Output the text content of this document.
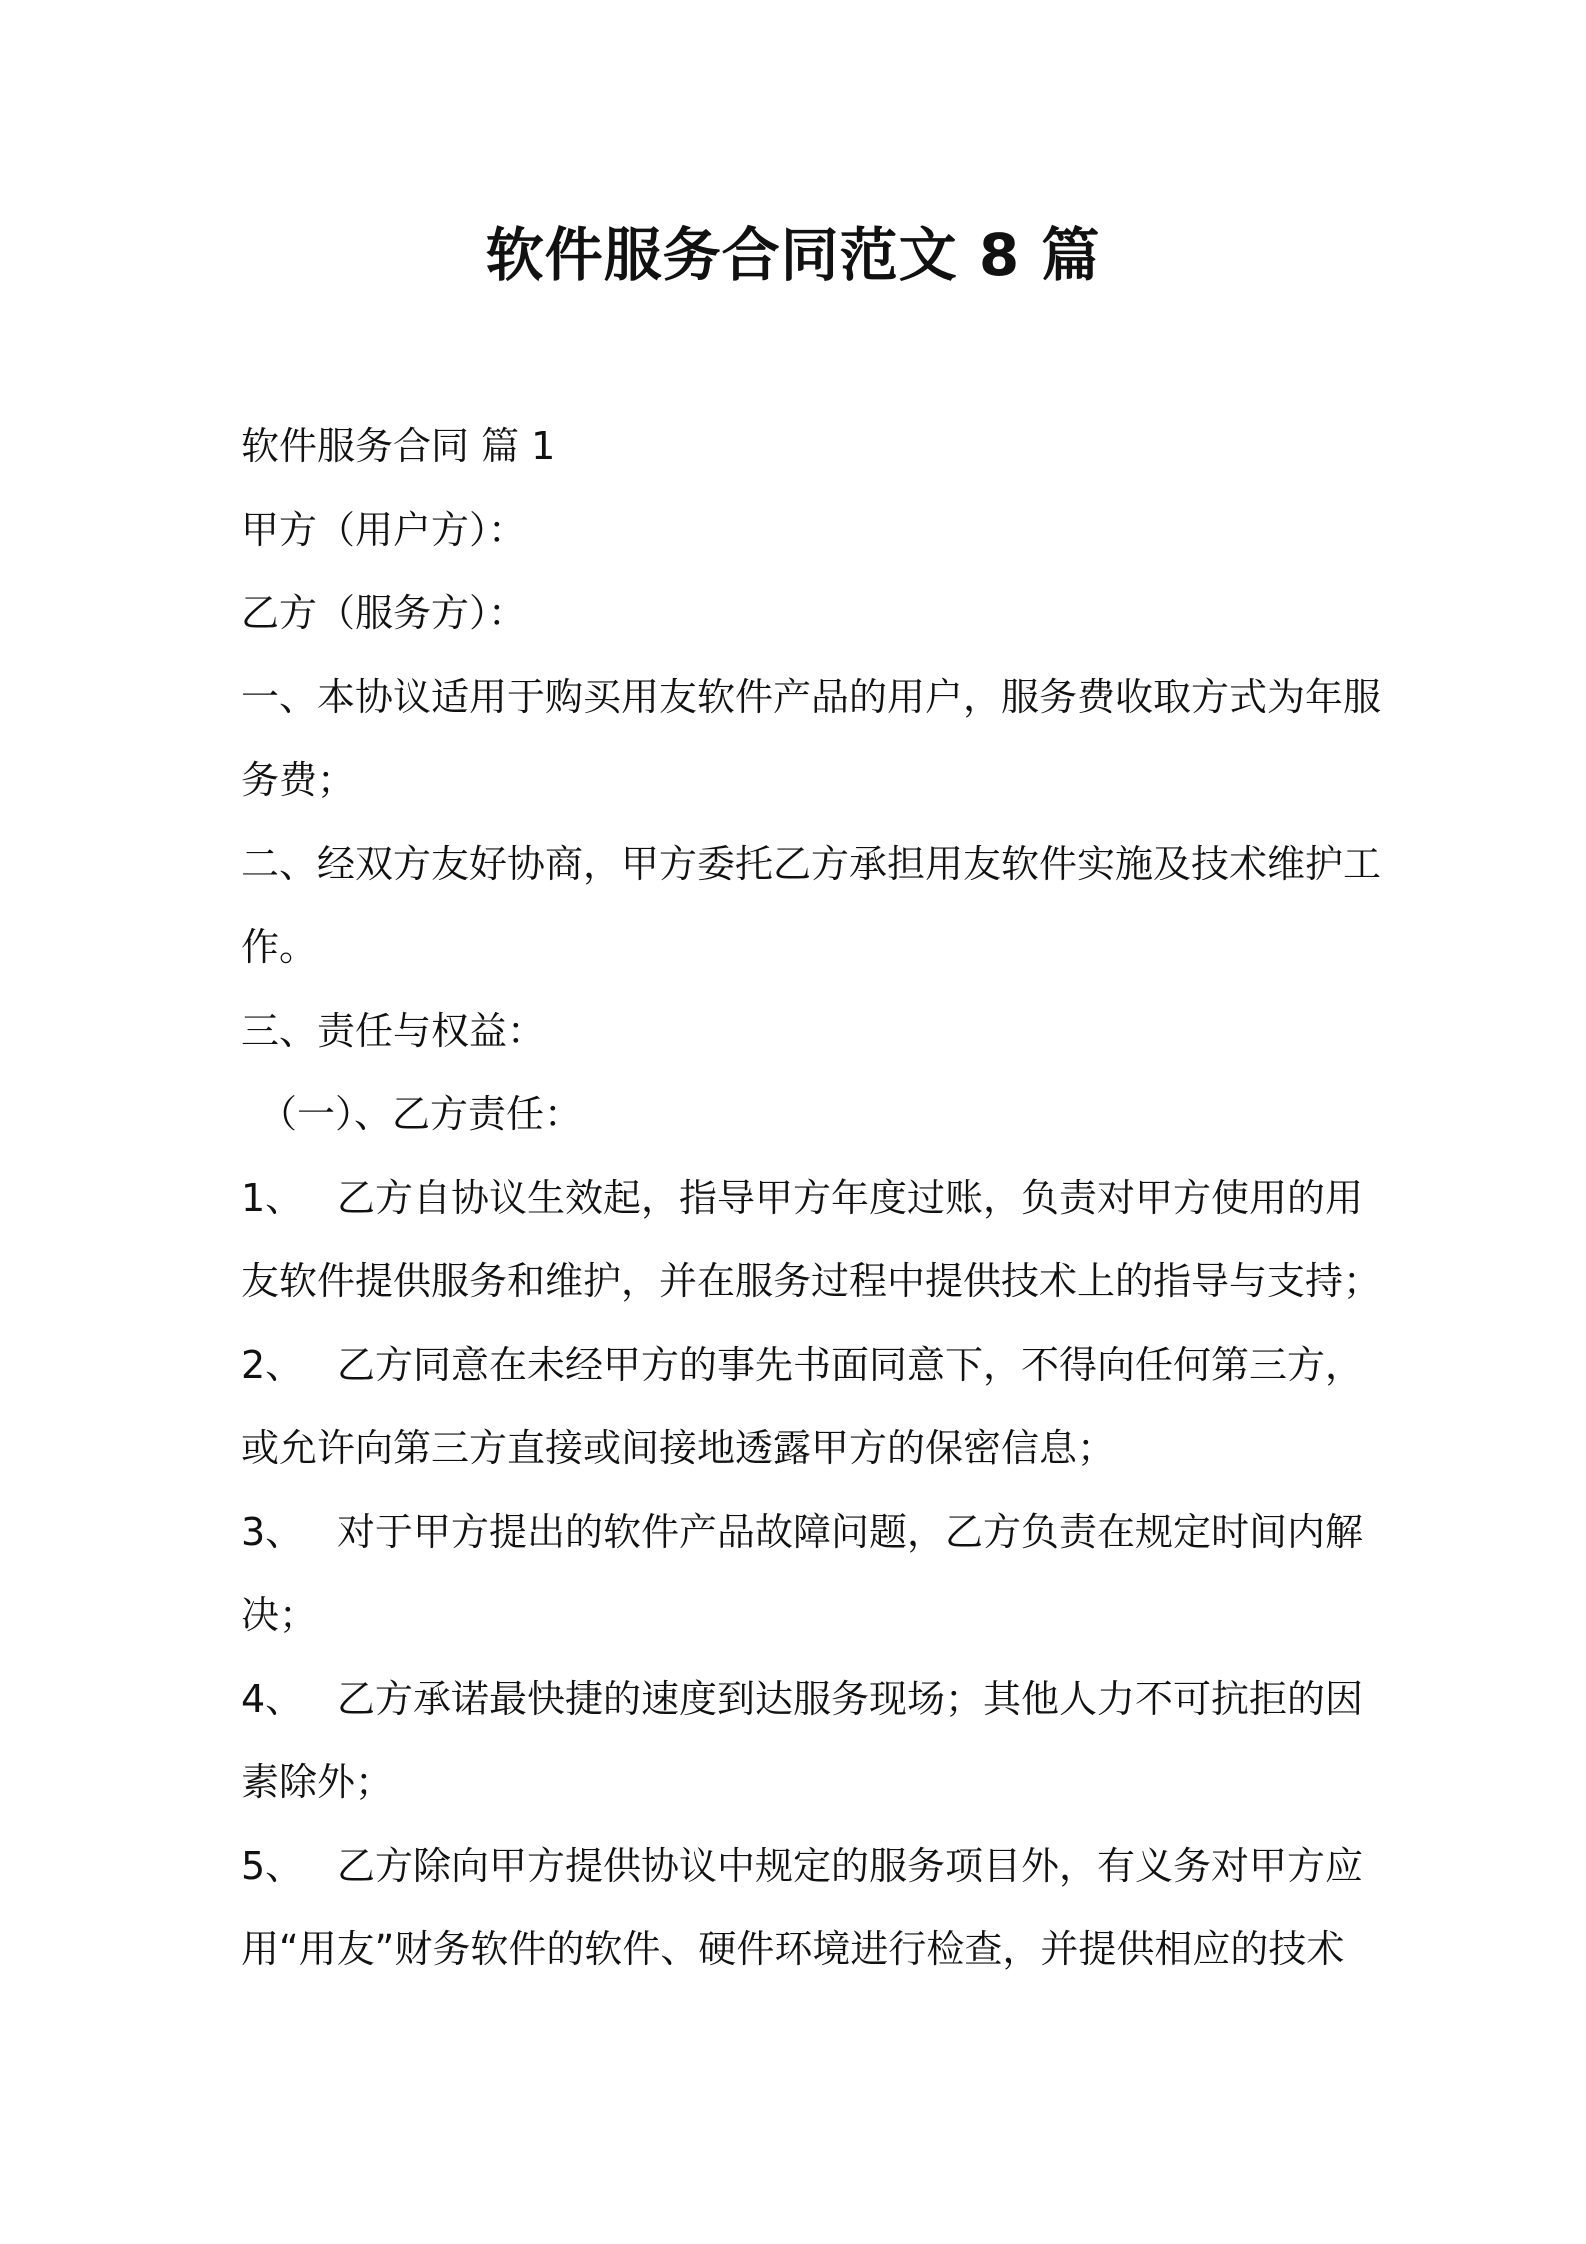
软件服务合同范文 8 篇
软件服务合同 篇 1
甲方（用户方）：
乙方（服务方）：
一、本协议适用于购买用友软件产品的用户，服务费收取方式为年服
务费；
二、经双方友好协商，甲方委托乙方承担用友软件实施及技术维护工
作。
三、责任与权益：
（一）、乙方责任：
1、 乙方自协议生效起，指导甲方年度过账，负责对甲方使用的用
友软件提供服务和维护，并在服务过程中提供技术上的指导与支持；
2、 乙方同意在未经甲方的事先书面同意下，不得向任何第三方，
或允许向第三方直接或间接地透露甲方的保密信息；
3、 对于甲方提出的软件产品故障问题，乙方负责在规定时间内解
决；
4、 乙方承诺最快捷的速度到达服务现场；其他人力不可抗拒的因
素除外；
5、 乙方除向甲方提供协议中规定的服务项目外，有义务对甲方应
用“用友”财务软件的软件、硬件环境进行检查，并提供相应的技术
